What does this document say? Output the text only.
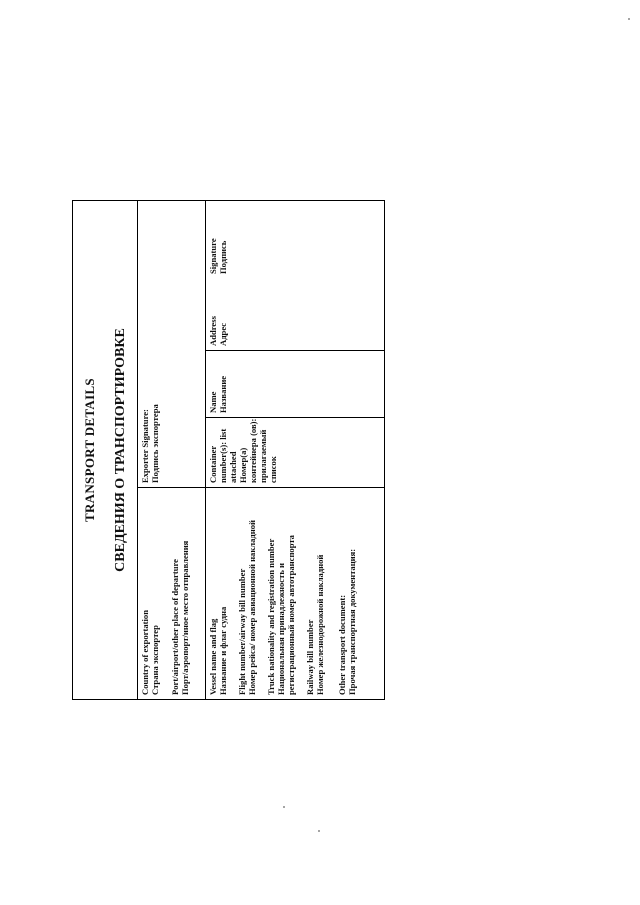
TRANSPORT DETAILS СВЕДЕНИЯ О ТРАНСПОРТИРОВКЕ
Country of exportation Страна экспортер Port/airport/other place of departure Порт/аэропорт/иное место отправления
Exporter Signature: Подпись экспортера
Vessel name and flag Название и флаг судна Flight number/airway bill number Номер рейса/ номер авиационной накладной Truck nationality and registration number Национальная принадлежность и регистрационный номер автотранспорта Railway bill number Номер железнодорожной накладной Other transport document: Прочая транспортная документация:
Container number(s): list attached Номер(а) контейнера (ов): прилагаемый список
Name Название
Address Адрес
Signature Подпись
